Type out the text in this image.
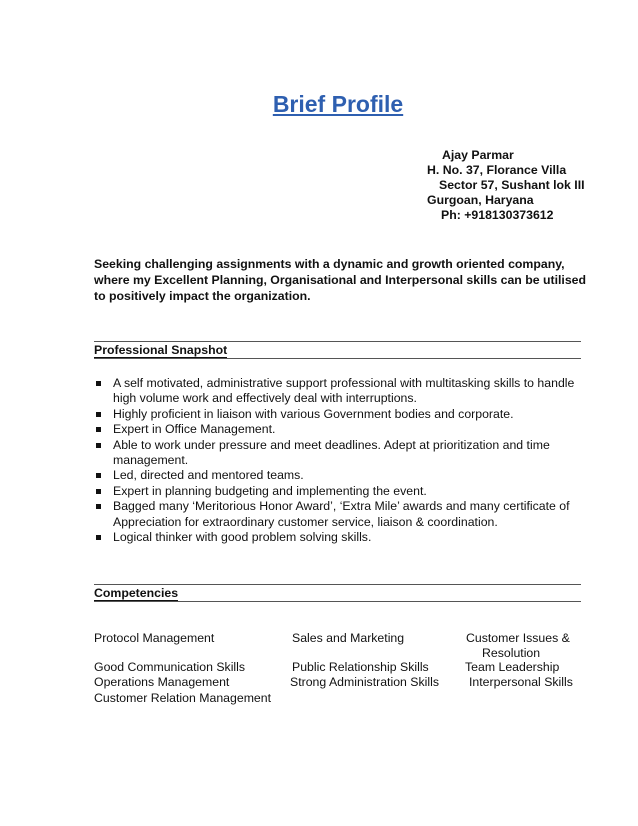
Brief Profile
Ajay Parmar
H. No. 37, Florance Villa
Sector 57, Sushant lok III
Gurgoan, Haryana
Ph: +918130373612
Seeking challenging assignments with a dynamic and growth oriented company, where my Excellent Planning, Organisational and Interpersonal skills can be utilised to positively impact the organization.
Professional Snapshot
A self motivated, administrative support professional with multitasking skills to handle high volume work and effectively deal with interruptions.
Highly proficient in liaison with various Government bodies and corporate.
Expert in Office Management.
Able to work under pressure and meet deadlines. Adept at prioritization and time management.
Led, directed and mentored teams.
Expert in planning budgeting and implementing the event.
Bagged many ‘Meritorious Honor Award’, ‘Extra Mile’ awards and many certificate of Appreciation for extraordinary customer service, liaison & coordination.
Logical thinker with good problem solving skills.
Competencies
Protocol Management	Sales and Marketing	Customer Issues &
Resolution
Good Communication Skills	Public Relationship Skills	Team Leadership
Operations Management	Strong Administration Skills Interpersonal Skills
Customer Relation Management
